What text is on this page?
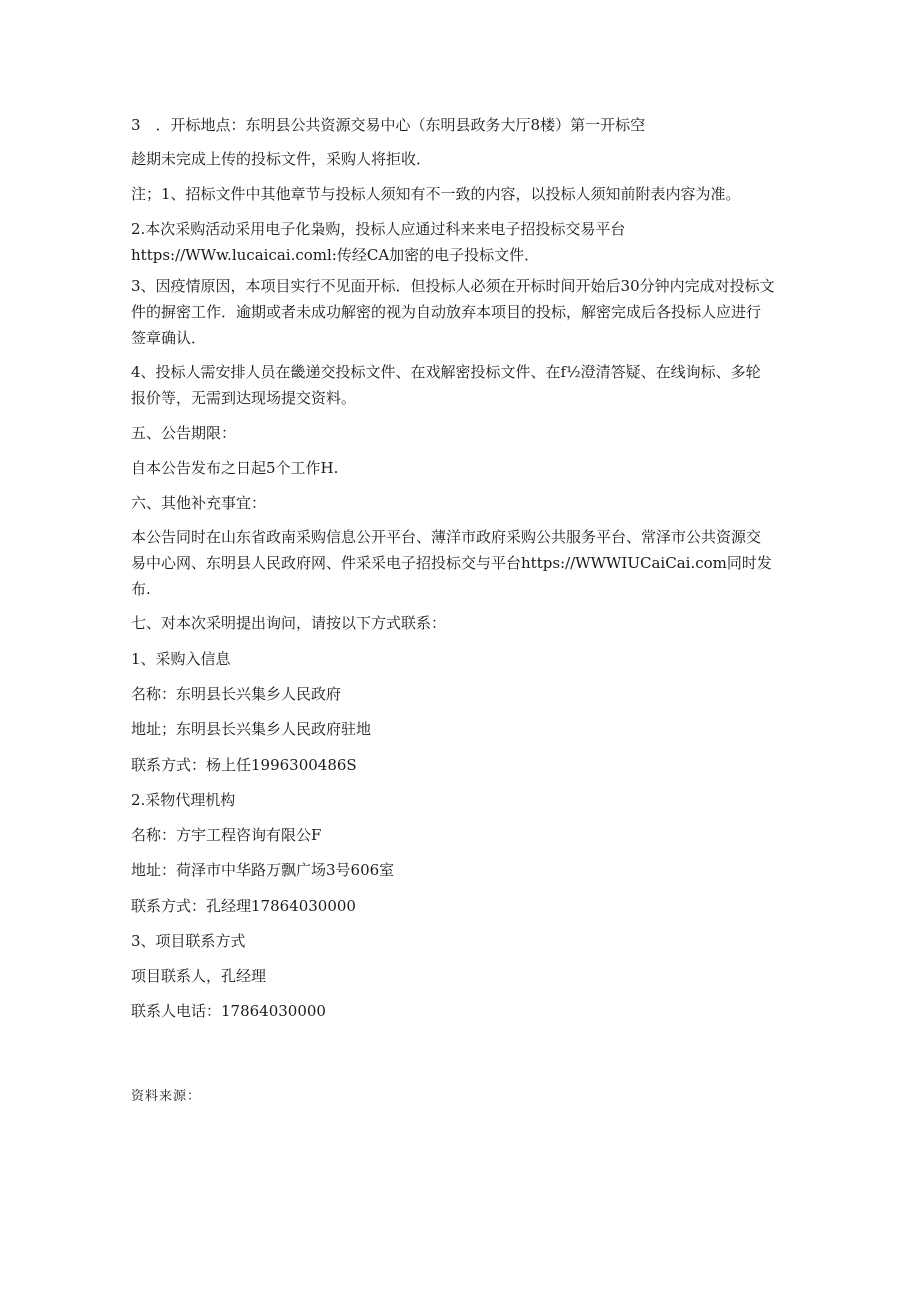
3　．开标地点：东明县公共资源交易中心（东明县政务大厅8楼）第一开标空

趁期未完成上传的投标文件，采购人将拒收．

注；1、招标文件中其他章节与投标人须知有不一致的内容，以投标人须知前附表内容为准。

2.本次采购活动采用电子化枭购，投标人应通过科来来电子招投标交易平台
https://WWw.lucaicai.coml:传经CA加密的电子投标文件．

3、因疫情原因，本项目实行不见面开标．但投标人必须在开标时间开始后30分钟内完成对投标文
件的摒密工作．逾期或者未成功解密的视为自动放弃本项目的投标，解密完成后各投标人应进行
签章确认．

4、投标人需安排人员在畿递交投标文件、在戏解密投标文件、在f½澄清答疑、在线询标、多轮
报价等，无需到达现场提交资料。

五、公告期限：

自本公告发布之日起5个工作H.

六、其他补充事宜：

本公告同时在山东省政南采购信息公开平台、薄洋市政府采购公共服务平台、常泽市公共资源交
易中心网、东明县人民政府网、件采采电子招投标交与平台https://WWWIUCaiCai.com同时发
布.

七、对本次采明提出询问，请按以下方式联系：

1、采购入信息

名称：东明县长兴集乡人民政府

地址；东明县长兴集乡人民政府驻地

联系方式：杨上任1996300486S

2.采物代理机构

名称：方宇工程咨询有限公F

地址：荷泽市中华路万飘广场3号606室

联系方式：孔经理17864030000

3、项目联系方式

项目联系人，孔经理

联系人电话：17864030000

资料来源：
